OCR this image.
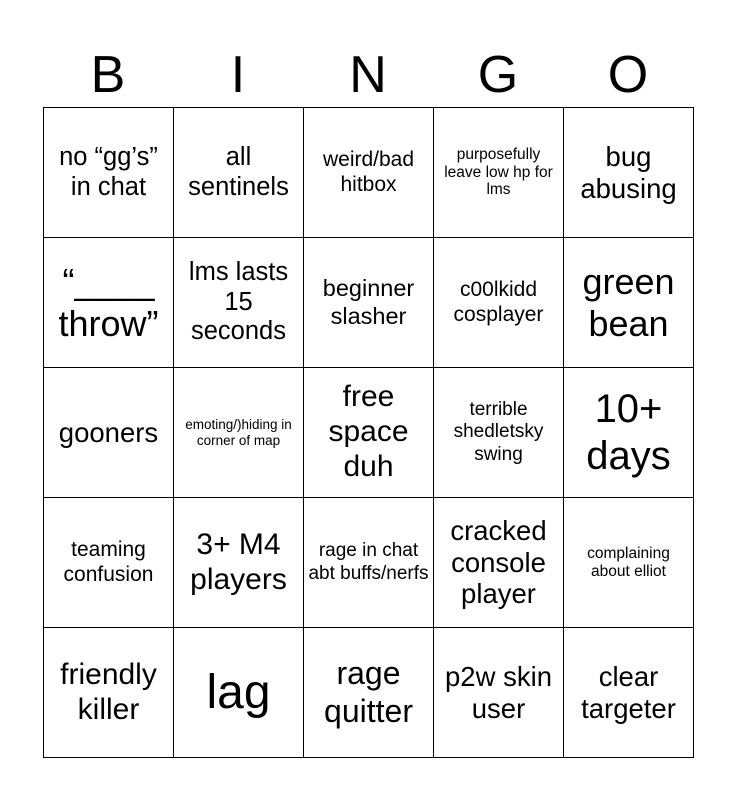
B	I	N	G	O
no “gg’s” in chat	all sentinels	weird/bad hitbox	purposefully leave low hp for lms	bug abusing
“____ throw”	lms lasts 15 seconds	beginner slasher	c00lkidd cosplayer	green bean
gooners	emoting/)hiding in corner of map	free space duh	terrible shedletsky swing	10+ days
teaming confusion	3+ M4 players	rage in chat abt buffs/nerfs	cracked console player	complaining about elliot
friendly killer	lag	rage quitter	p2w skin user	clear targeter
